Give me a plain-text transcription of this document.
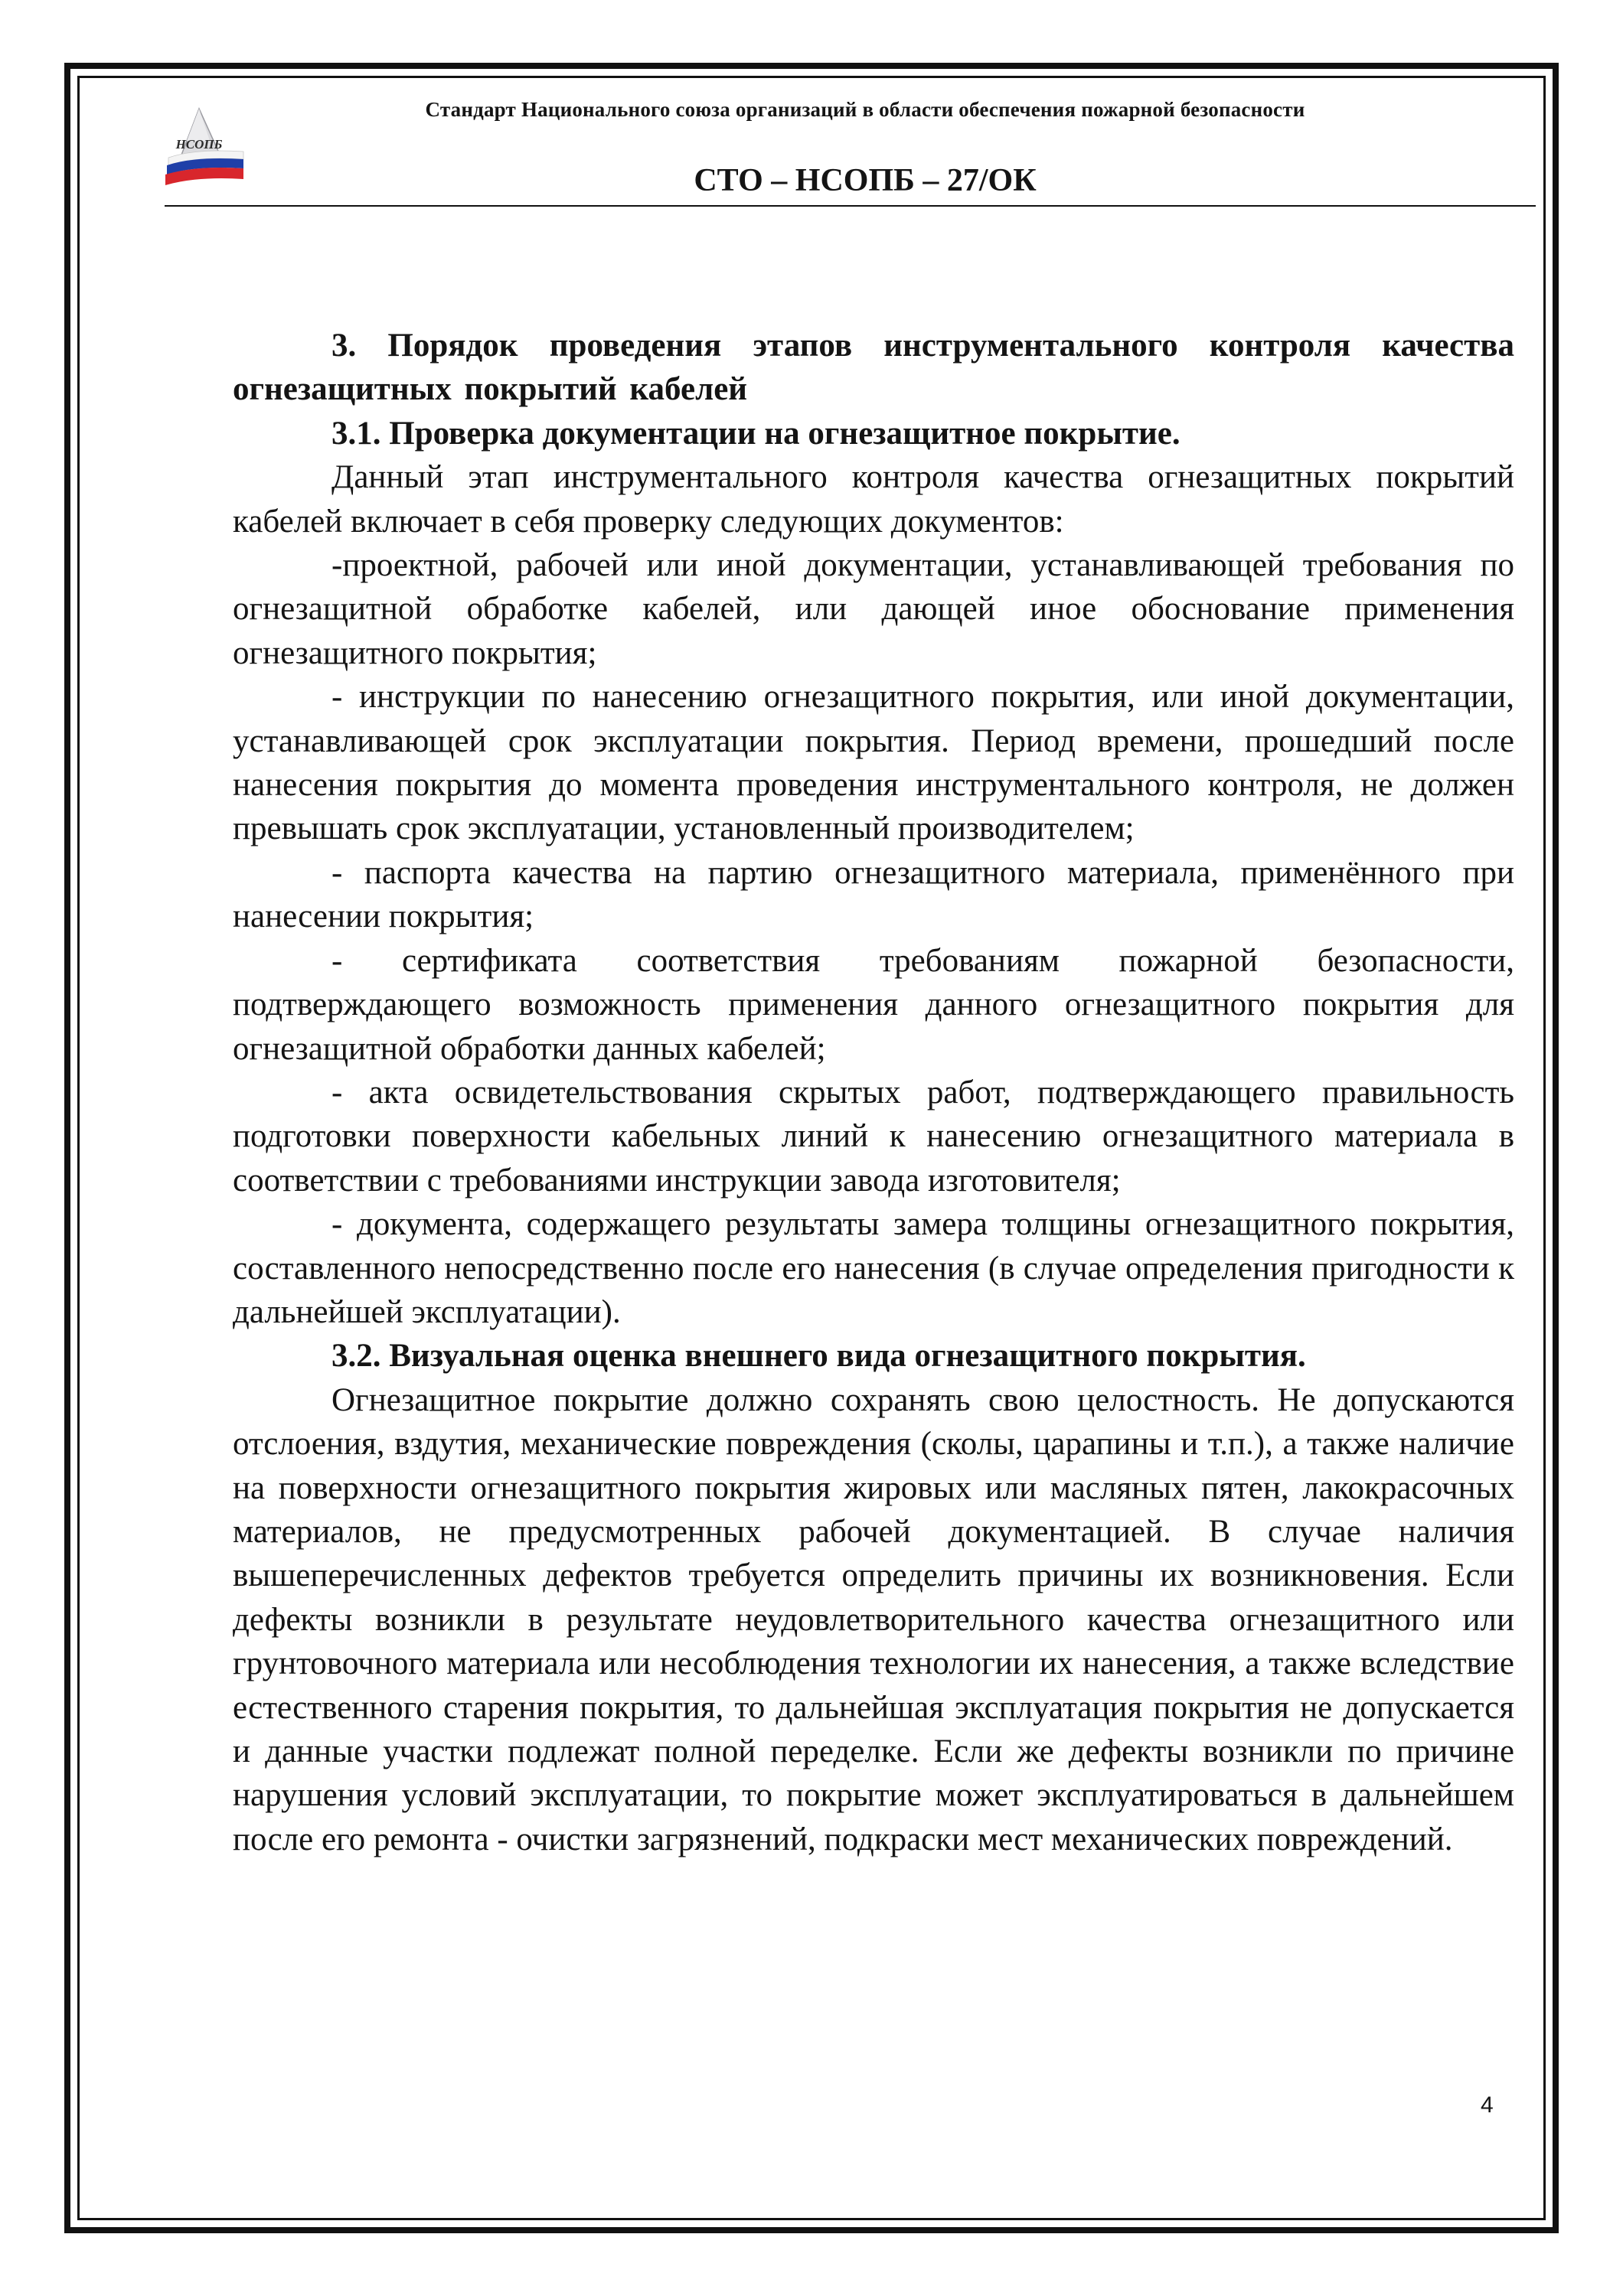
НСОПБ
Стандарт Национального союза организаций в области обеспечения пожарной безопасности
СТО – НСОПБ – 27/ОК

3. Порядок проведения этапов инструментального контроля качества огнезащитных покрытий кабелей

3.1. Проверка документации на огнезащитное покрытие.

Данный этап инструментального контроля качества огнезащитных покрытий кабелей включает в себя проверку следующих документов:

-проектной, рабочей или иной документации, устанавливающей требования по огнезащитной обработке кабелей, или дающей иное обоснование применения огнезащитного покрытия;

- инструкции по нанесению огнезащитного покрытия, или иной документации, устанавливающей срок эксплуатации покрытия. Период времени, прошедший после нанесения покрытия до момента проведения инструментального контроля, не должен превышать срок эксплуатации, установленный производителем;

- паспорта качества на партию огнезащитного материала, применённого при нанесении покрытия;

- сертификата соответствия требованиям пожарной безопасности, подтверждающего возможность применения данного огнезащитного покрытия для огнезащитной обработки данных кабелей;

- акта освидетельствования скрытых работ, подтверждающего правильность подготовки поверхности кабельных линий к нанесению огнезащитного материала в соответствии с требованиями инструкции завода изготовителя;

- документа, содержащего результаты замера толщины огнезащитного покрытия, составленного непосредственно после его нанесения (в случае определения пригодности к дальнейшей эксплуатации).

3.2. Визуальная оценка внешнего вида огнезащитного покрытия.

Огнезащитное покрытие должно сохранять свою целостность. Не допускаются отслоения, вздутия, механические повреждения (сколы, царапины и т.п.), а также наличие на поверхности огнезащитного покрытия жировых или масляных пятен, лакокрасочных материалов, не предусмотренных рабочей документацией. В случае наличия вышеперечисленных дефектов требуется определить причины их возникновения. Если дефекты возникли в результате неудовлетворительного качества огнезащитного или грунтовочного материала или несоблюдения технологии их нанесения, а также вследствие естественного старения покрытия, то дальнейшая эксплуатация покрытия не допускается и данные участки подлежат полной переделке. Если же дефекты возникли по причине нарушения условий эксплуатации, то покрытие может эксплуатироваться в дальнейшем после его ремонта - очистки загрязнений, подкраски мест механических повреждений.

4
